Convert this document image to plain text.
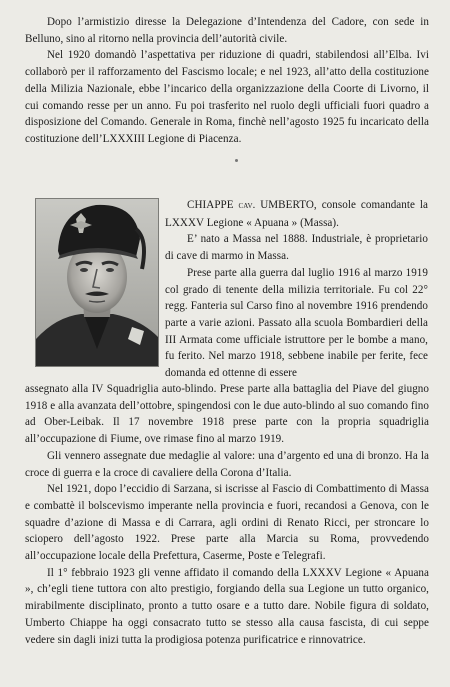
Dopo l’armistizio diresse la Delegazione d’Intendenza del Cadore, con sede in Belluno, sino al ritorno nella provincia dell’autorità civile.

Nel 1920 domandò l’aspettativa per riduzione di quadri, stabilendosi all’Elba. Ivi collaborò per il rafforzamento del Fascismo locale; e nel 1923, all’atto della costituzione della Milizia Nazionale, ebbe l’incarico della organizzazione della Coorte di Livorno, il cui comando resse per un anno. Fu poi trasferito nel ruolo degli ufficiali fuori quadro a disposizione del Comando. Generale in Roma, finchè nell’agosto 1925 fu incaricato della costituzione dell’LXXXIII Legione di Piacenza.

CHIAPPE cav. UMBERTO, console comandante la LXXXV Legione « Apuana » (Massa).

E’ nato a Massa nel 1888. Industriale, è proprietario di cave di marmo in Massa.

Prese parte alla guerra dal luglio 1916 al marzo 1919 col grado di tenente della milizia territoriale. Fu col 22° regg. Fanteria sul Carso fino al novembre 1916 prendendo parte a varie azioni. Passato alla scuola Bombardieri della III Armata come ufficiale istruttore per le bombe a mano, fu ferito. Nel marzo 1918, sebbene inabile per ferite, fece domanda ed ottenne di essere

assegnato alla IV Squadriglia auto-blindo. Prese parte alla battaglia del Piave del giugno 1918 e alla avanzata dell’ottobre, spingendosi con le due auto-blindo al suo comando fino ad Ober-Leibak. Il 17 novembre 1918 prese parte con la propria squadriglia all’occupazione di Fiume, ove rimase fino al marzo 1919.

Gli vennero assegnate due medaglie al valore: una d’argento ed una di bronzo. Ha la croce di guerra e la croce di cavaliere della Corona d’Italia.

Nel 1921, dopo l’eccidio di Sarzana, si iscrisse al Fascio di Combattimento di Massa e combattè il bolscevismo imperante nella provincia e fuori, recandosi a Genova, con le squadre d’azione di Massa e di Carrara, agli ordini di Renato Ricci, per stroncare lo sciopero dell’agosto 1922. Prese parte alla Marcia su Roma, provvedendo all’occupazione locale della Prefettura, Caserme, Poste e Telegrafi.

Il 1° febbraio 1923 gli venne affidato il comando della LXXXV Legione « Apuana », ch’egli tiene tuttora con alto prestigio, forgiando della sua Legione un tutto organico, mirabilmente disciplinato, pronto a tutto osare e a tutto dare. Nobile figura di soldato, Umberto Chiappe ha oggi consacrato tutto se stesso alla causa fascista, di cui seppe vedere sin dagli inizi tutta la prodigiosa potenza purificatrice e rinnovatrice.
